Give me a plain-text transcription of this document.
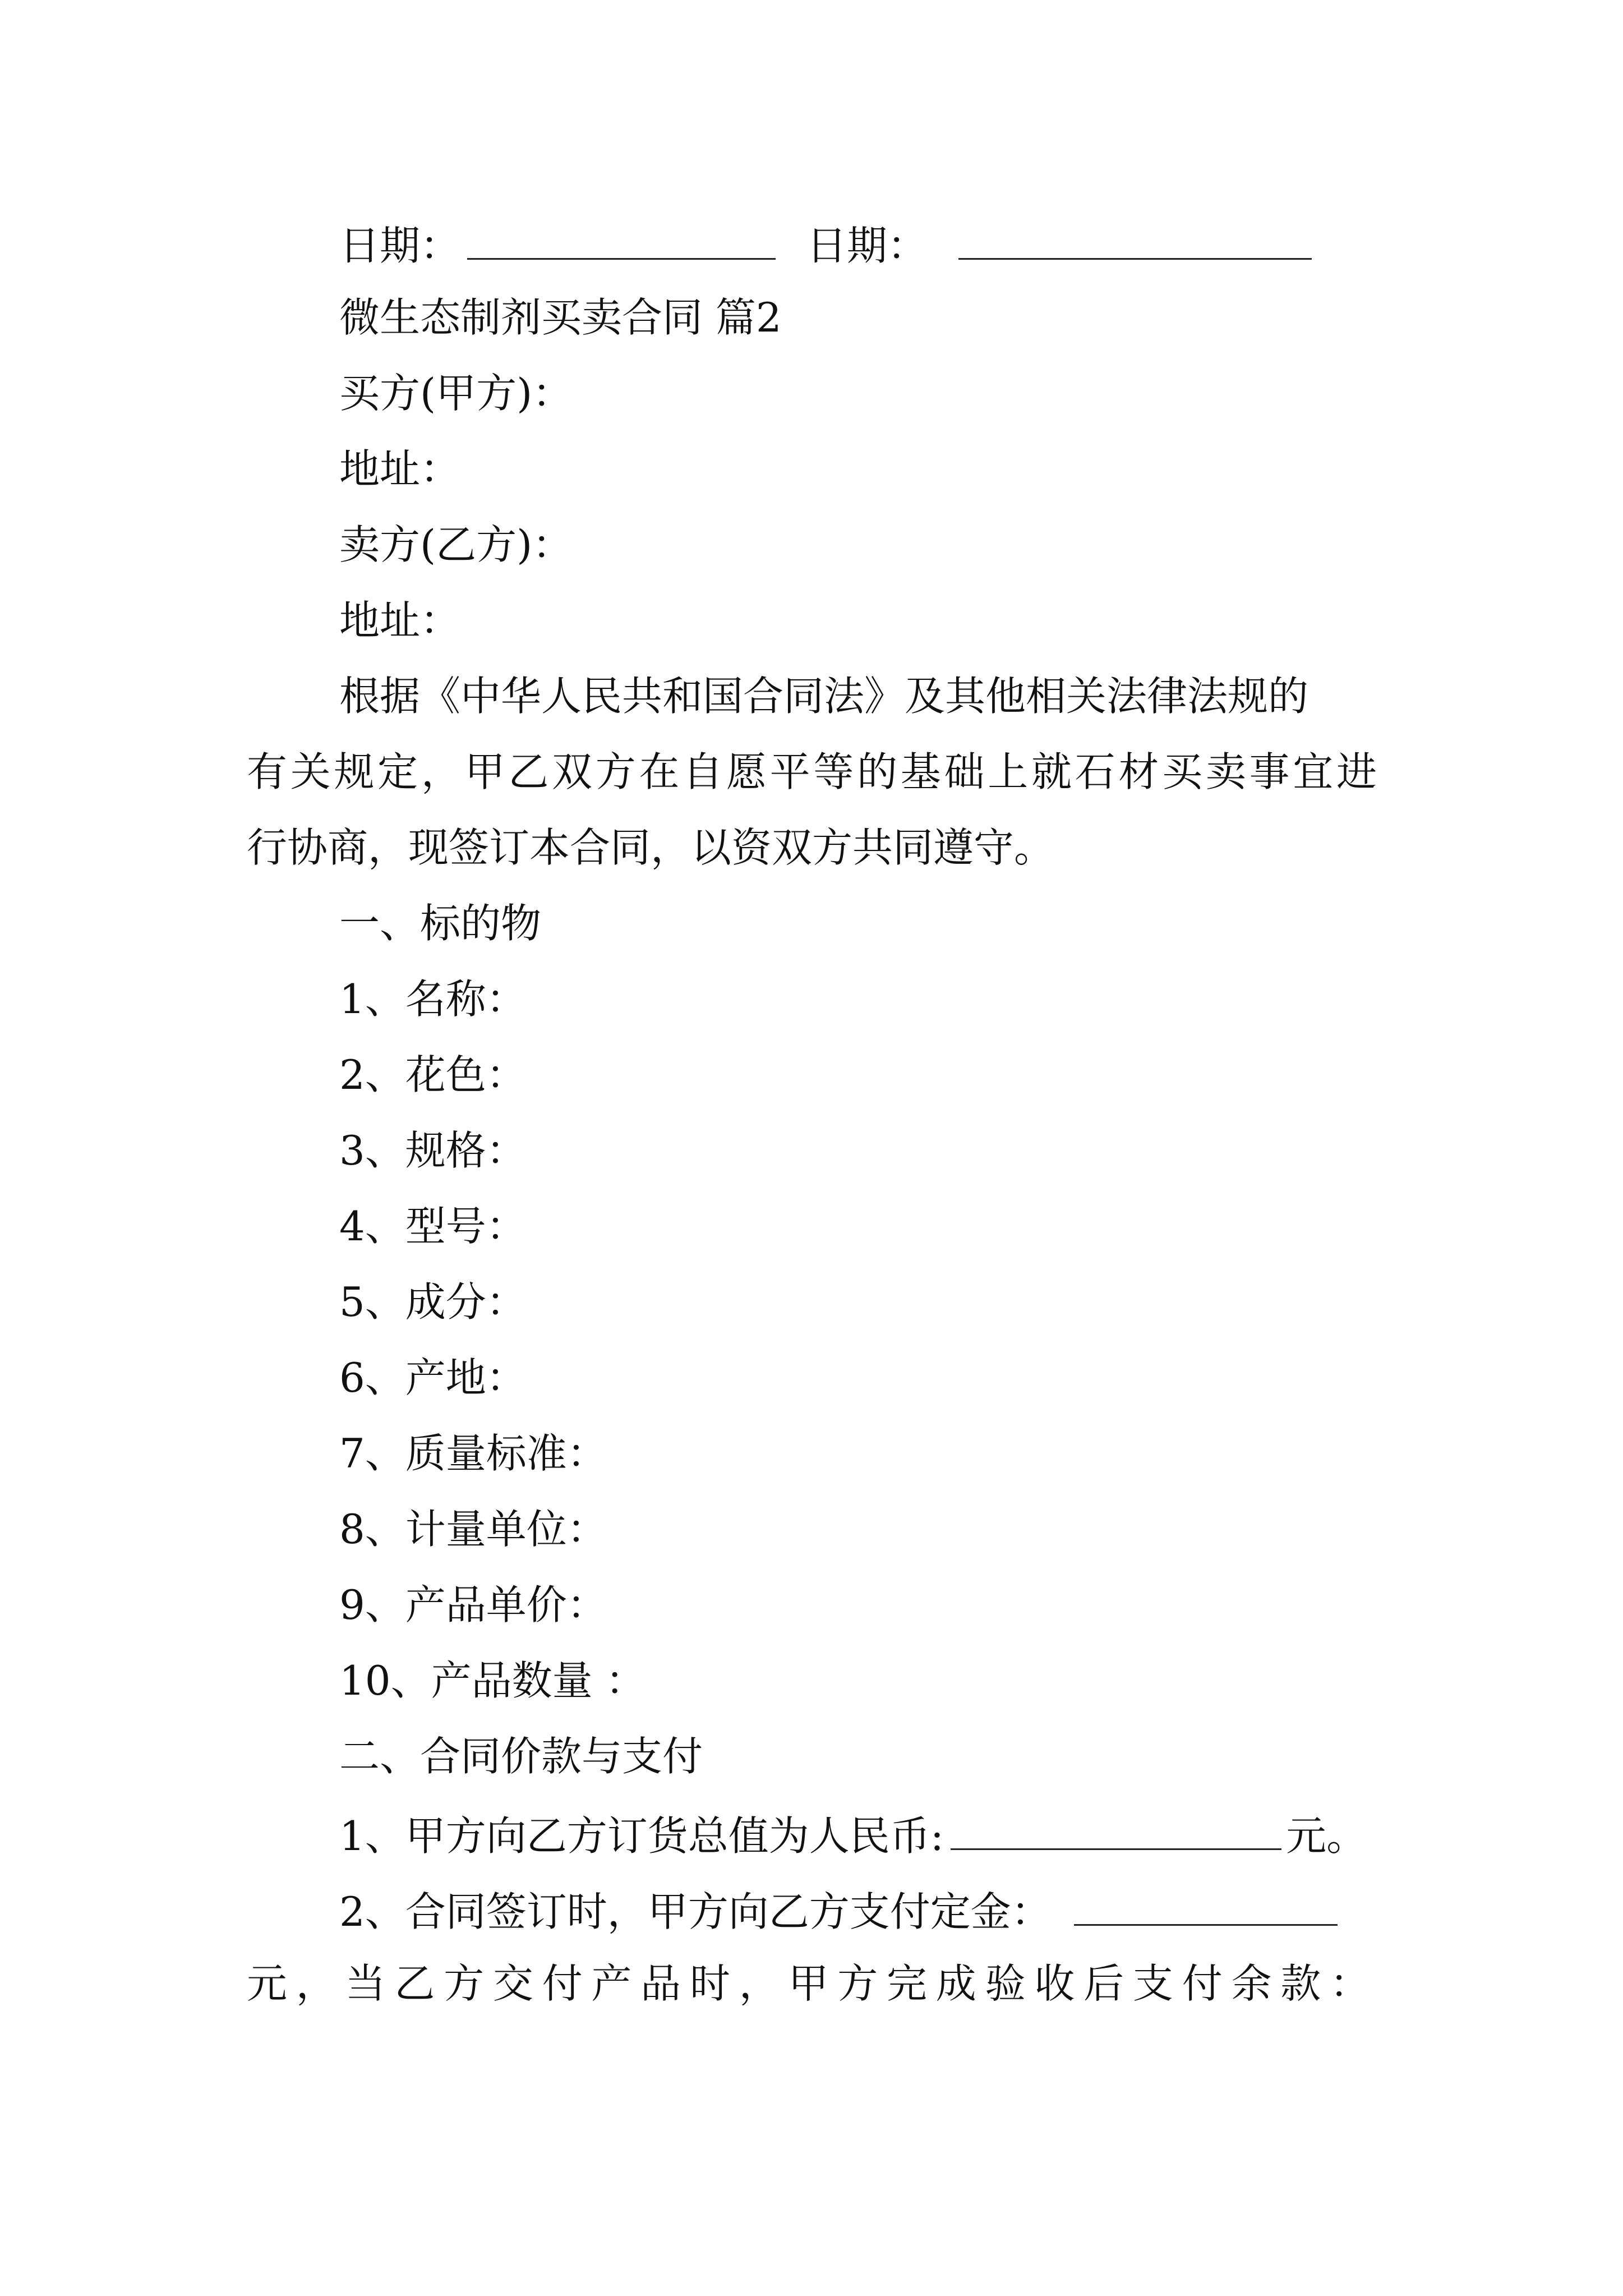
日期：	日期：
微生态制剂买卖合同 篇2
买方(甲方)：
地址：
卖方(乙方)：
地址：
根据《中华人民共和国合同法》及其他相关法律法规的
有关规定，甲乙双方在自愿平等的基础上就石材买卖事宜进
行协商，现签订本合同，以资双方共同遵守。
一、标的物
1、名称：
2、花色：
3、规格：
4、型号：
5、成分：
6、产地：
7、质量标准：
8、计量单位：
9、产品单价：
10、产品数量 ：
二、合同价款与支付
1、甲方向乙方订货总值为人民币:	元。
2、合同签订时，甲方向乙方支付定金：
元，当乙方交付产品时，甲方完成验收后支付余款：
